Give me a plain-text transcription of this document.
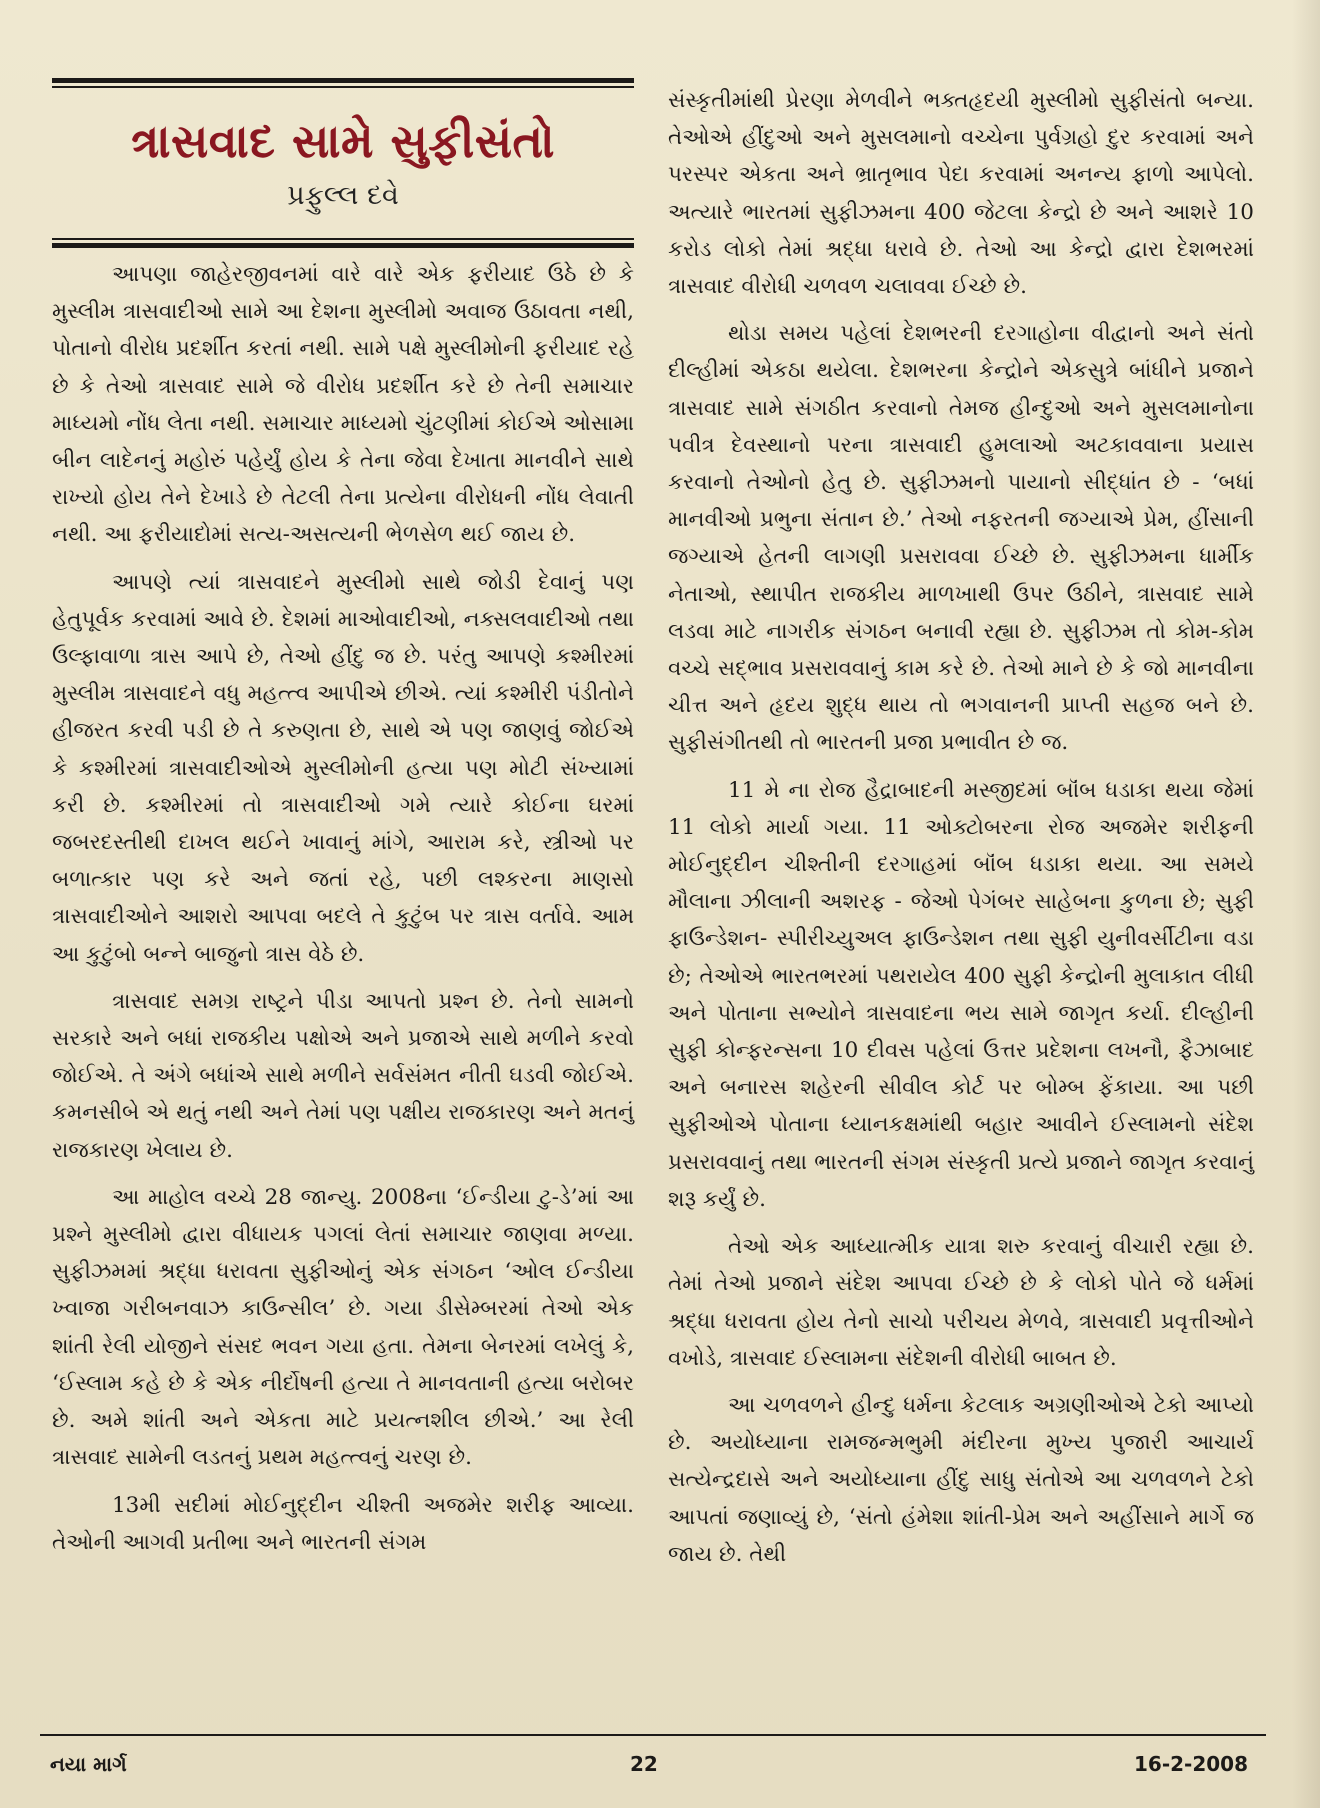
ત્રાસવાદ સામે સુફીસંતો
પ્રફુલ્લ દવે

આપણા જાહેરજીવનમાં વારે વારે એક ફરીયાદ ઉઠે છે કે મુસ્લીમ ત્રાસવાદીઓ સામે આ દેશના મુસ્લીમો અવાજ ઉઠાવતા નથી, પોતાનો વીરોધ પ્રદર્શીત કરતાં નથી. સામે પક્ષે મુસ્લીમોની ફરીયાદ રહે છે કે તેઓ ત્રાસવાદ સામે જે વીરોધ પ્રદર્શીત કરે છે તેની સમાચાર માધ્યમો નોંધ લેતા નથી. સમાચાર માધ્યમો ચુંટણીમાં કોઈએ ઓસામા બીન લાદેનનું મહોરું પહેર્યું હોય કે તેના જેવા દેખાતા માનવીને સાથે રાખ્યો હોય તેને દેખાડે છે તેટલી તેના પ્રત્યેના વીરોધની નોંધ લેવાતી નથી. આ ફરીયાદોમાં સત્ય-અસત્યની ભેળસેળ થઈ જાય છે.

આપણે ત્યાં ત્રાસવાદને મુસ્લીમો સાથે જોડી દેવાનું પણ હેતુપૂર્વક કરવામાં આવે છે. દેશમાં માઓવાદીઓ, નક્સલવાદીઓ તથા ઉલ્ફાવાળા ત્રાસ આપે છે, તેઓ હીંદુ જ છે. પરંતુ આપણે કશ્મીરમાં મુસ્લીમ ત્રાસવાદને વધુ મહત્ત્વ આપીએ છીએ. ત્યાં કશ્મીરી પંડીતોને હીજરત કરવી પડી છે તે કરુણતા છે, સાથે એ પણ જાણવું જોઈએ કે કશ્મીરમાં ત્રાસવાદીઓએ મુસ્લીમોની હત્યા પણ મોટી સંખ્યામાં કરી છે. કશ્મીરમાં તો ત્રાસવાદીઓ ગમે ત્યારે કોઈના ઘરમાં જબરદસ્તીથી દાખલ થઈને ખાવાનું માંગે, આરામ કરે, સ્ત્રીઓ પર બળાત્કાર પણ કરે અને જતાં રહે, પછી લશ્કરના માણસો ત્રાસવાદીઓને આશરો આપવા બદલે તે કુટુંબ પર ત્રાસ વર્તાવે. આમ આ કુટુંબો બન્ને બાજુનો ત્રાસ વેઠે છે.

ત્રાસવાદ સમગ્ર રાષ્ટ્રને પીડા આપતો પ્રશ્ન છે. તેનો સામનો સરકારે અને બધાં રાજકીય પક્ષોએ અને પ્રજાએ સાથે મળીને કરવો જોઈએ. તે અંગે બધાંએ સાથે મળીને સર્વસંમત નીતી ઘડવી જોઈએ. કમનસીબે એ થતું નથી અને તેમાં પણ પક્ષીય રાજકારણ અને મતનું રાજકારણ ખેલાય છે.

આ માહોલ વચ્ચે 28 જાન્યુ. 2008ના ‘ઈન્ડીયા ટુ-ડે’માં આ પ્રશ્ને મુસ્લીમો દ્વારા વીધાયક પગલાં લેતાં સમાચાર જાણવા મળ્યા. સુફીઝમમાં શ્રદ્ધા ધરાવતા સુફીઓનું એક સંગઠન ‘ઓલ ઈન્ડીયા ખ્વાજા ગરીબનવાઝ કાઉન્સીલ’ છે. ગયા ડીસેમ્બરમાં તેઓ એક શાંતી રેલી યોજીને સંસદ ભવન ગયા હતા. તેમના બેનરમાં લખેલું કે, ‘ઈસ્લામ કહે છે કે એક નીર્દોષની હત્યા તે માનવતાની હત્યા બરોબર છે. અમે શાંતી અને એકતા માટે પ્રયત્નશીલ છીએ.’ આ રેલી ત્રાસવાદ સામેની લડતનું પ્રથમ મહત્ત્વનું ચરણ છે.

13મી સદીમાં મોઈનુદ્દીન ચીશ્તી અજમેર શરીફ આવ્યા. તેઓની આગવી પ્રતીભા અને ભારતની સંગમ

સંસ્કૃતીમાંથી પ્રેરણા મેળવીને ભક્તહૃદયી મુસ્લીમો સુફીસંતો બન્યા. તેઓએ હીંદુઓ અને મુસલમાનો વચ્ચેના પુર્વગ્રહો દુર કરવામાં અને પરસ્પર એકતા અને ભ્રાતૃભાવ પેદા કરવામાં અનન્ય ફાળો આપેલો. અત્યારે ભારતમાં સુફીઝમના 400 જેટલા કેન્દ્રો છે અને આશરે 10 કરોડ લોકો તેમાં શ્રદ્ધા ધરાવે છે. તેઓ આ કેન્દ્રો દ્વારા દેશભરમાં ત્રાસવાદ વીરોધી ચળવળ ચલાવવા ઈચ્છે છે.

થોડા સમય પહેલાં દેશભરની દરગાહોના વીદ્વાનો અને સંતો દીલ્હીમાં એકઠા થયેલા. દેશભરના કેન્દ્રોને એકસુત્રે બાંધીને પ્રજાને ત્રાસવાદ સામે સંગઠીત કરવાનો તેમજ હીન્દુઓ અને મુસલમાનોના પવીત્ર દેવસ્થાનો પરના ત્રાસવાદી હુમલાઓ અટકાવવાના પ્રયાસ કરવાનો તેઓનો હેતુ છે. સુફીઝમનો પાયાનો સીદ્ધાંત છે - ‘બધાં માનવીઓ પ્રભુના સંતાન છે.’ તેઓ નફરતની જગ્યાએ પ્રેમ, હીંસાની જગ્યાએ હેતની લાગણી પ્રસરાવવા ઈચ્છે છે. સુફીઝમના ધાર્મીક નેતાઓ, સ્થાપીત રાજકીય માળખાથી ઉપર ઉઠીને, ત્રાસવાદ સામે લડવા માટે નાગરીક સંગઠન બનાવી રહ્યા છે. સુફીઝમ તો કોમ-કોમ વચ્ચે સદ્ભાવ પ્રસરાવવાનું કામ કરે છે. તેઓ માને છે કે જો માનવીના ચીત્ત અને હૃદય શુદ્ધ થાય તો ભગવાનની પ્રાપ્તી સહજ બને છે. સુફીસંગીતથી તો ભારતની પ્રજા પ્રભાવીત છે જ.

11 મે ના રોજ હૈદ્રાબાદની મસ્જીદમાં બૉંબ ધડાકા થયા જેમાં 11 લોકો માર્યા ગયા. 11 ઓક્ટોબરના રોજ અજમેર શરીફની મોઈનુદ્દીન ચીશ્તીની દરગાહમાં બૉંબ ધડાકા થયા. આ સમયે મૌલાના ઝીલાની અશરફ - જેઓ પેગંબર સાહેબના કુળના છે; સુફી ફાઉન્ડેશન- સ્પીરીચ્યુઅલ ફાઉન્ડેશન તથા સુફી યુનીવર્સીટીના વડા છે; તેઓએ ભારતભરમાં પથરાયેલ 400 સુફી કેન્દ્રોની મુલાકાત લીધી અને પોતાના સભ્યોને ત્રાસવાદના ભય સામે જાગૃત કર્યા. દીલ્હીની સુફી કોન્ફરન્સના 10 દીવસ પહેલાં ઉત્તર પ્રદેશના લખનૌ, ફૈઝાબાદ અને બનારસ શહેરની સીવીલ કોર્ટ પર બોમ્બ ફેંકાયા. આ પછી સુફીઓએ પોતાના ધ્યાનકક્ષમાંથી બહાર આવીને ઈસ્લામનો સંદેશ પ્રસરાવવાનું તથા ભારતની સંગમ સંસ્કૃતી પ્રત્યે પ્રજાને જાગૃત કરવાનું શરૂ કર્યું છે.

તેઓ એક આધ્યાત્મીક યાત્રા શરુ કરવાનું વીચારી રહ્યા છે. તેમાં તેઓ પ્રજાને સંદેશ આપવા ઈચ્છે છે કે લોકો પોતે જે ધર્મમાં શ્રદ્ધા ધરાવતા હોય તેનો સાચો પરીચય મેળવે, ત્રાસવાદી પ્રવૃત્તીઓને વખોડે, ત્રાસવાદ ઈસ્લામના સંદેશની વીરોધી બાબત છે.

આ ચળવળને હીન્દુ ધર્મના કેટલાક અગ્રણીઓએ ટેકો આપ્યો છે. અયોધ્યાના રામજન્મભુમી મંદીરના મુખ્ય પુજારી આચાર્ય સત્યેન્દ્રદાસે અને અયોધ્યાના હીંદુ સાધુ સંતોએ આ ચળવળને ટેકો આપતાં જણાવ્યું છે, ‘સંતો હંમેશા શાંતી-પ્રેમ અને અહીંસાને માર્ગે જ જાય છે. તેથી

નયા માર્ગ	22	16-2-2008
